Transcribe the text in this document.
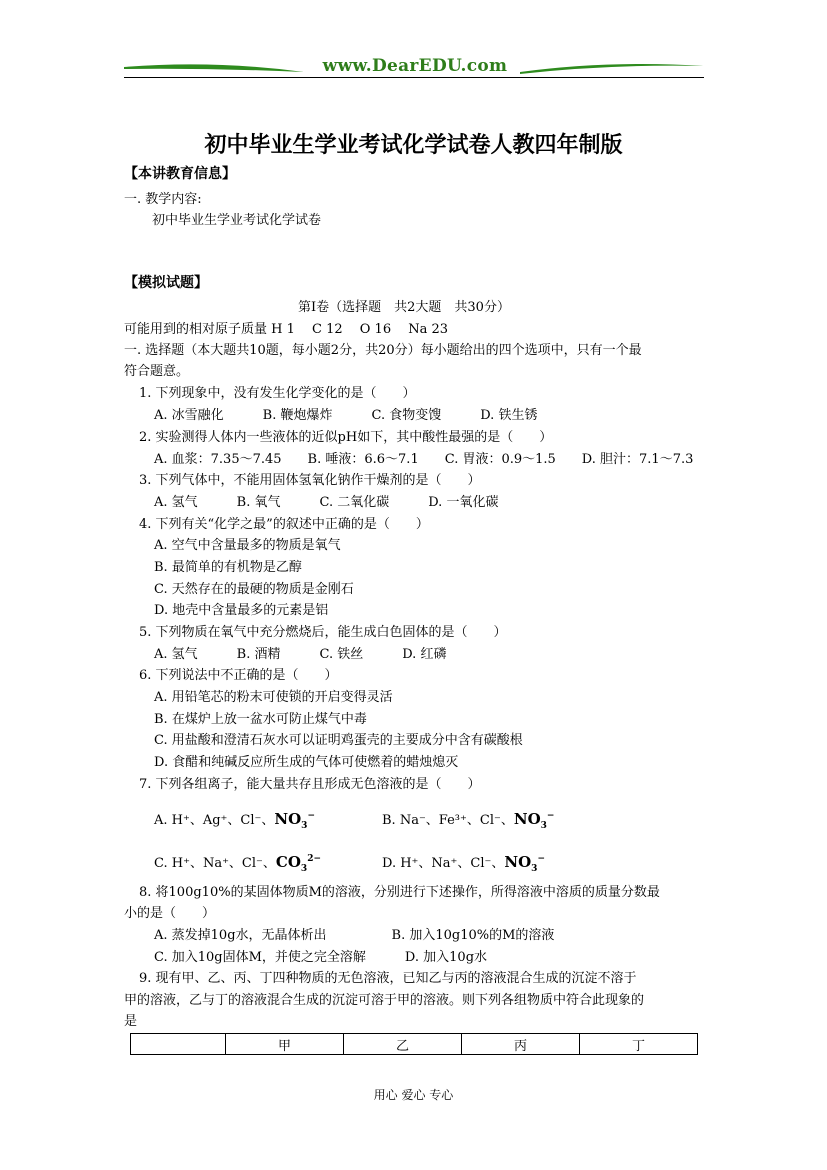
www.DearEDU.com
初中毕业生学业考试化学试卷人教四年制版
【本讲教育信息】
一. 教学内容:
初中毕业生学业考试化学试卷
【模拟试题】
第Ⅰ卷（选择题　共2大题　共30分）
可能用到的相对原子质量 H 1　 C 12　 O 16　 Na 23
一. 选择题（本大题共10题，每小题2分，共20分）每小题给出的四个选项中，只有一个最
符合题意。
1. 下列现象中，没有发生化学变化的是（　　）
A. 冰雪融化　　　B. 鞭炮爆炸　　　C. 食物变馊　　　D. 铁生锈
2. 实验测得人体内一些液体的近似pH如下，其中酸性最强的是（　　）
A. 血浆：7.35～7.45　　B. 唾液：6.6～7.1　　C. 胃液：0.9～1.5　　D. 胆汁：7.1～7.3
3. 下列气体中，不能用固体氢氧化钠作干燥剂的是（　　）
A. 氢气　　　B. 氧气　　　C. 二氧化碳　　　D. 一氧化碳
4. 下列有关“化学之最”的叙述中正确的是（　　）
A. 空气中含量最多的物质是氧气
B. 最简单的有机物是乙醇
C. 天然存在的最硬的物质是金刚石
D. 地壳中含量最多的元素是铝
5. 下列物质在氧气中充分燃烧后，能生成白色固体的是（　　）
A. 氢气　　　B. 酒精　　　C. 铁丝　　　D. 红磷
6. 下列说法中不正确的是（　　）
A. 用铅笔芯的粉末可使锁的开启变得灵活
B. 在煤炉上放一盆水可防止煤气中毒
C. 用盐酸和澄清石灰水可以证明鸡蛋壳的主要成分中含有碳酸根
D. 食醋和纯碱反应所生成的气体可使燃着的蜡烛熄灭
7. 下列各组离子，能大量共存且形成无色溶液的是（　　）
A. H⁺、Ag⁺、Cl⁻、$NO_3^-$	B. Na⁻、Fe³⁺、Cl⁻、$NO_3^-$
C. H⁺、Na⁺、Cl⁻、$CO_3^{2-}$	D. H⁺、Na⁺、Cl⁻、$NO_3^-$
8. 将100g10%的某固体物质M的溶液，分别进行下述操作，所得溶液中溶质的质量分数最
小的是（　　）
A. 蒸发掉10g水，无晶体析出　　　　　B. 加入10g10%的M的溶液
C. 加入10g固体M，并使之完全溶解　　　D. 加入10g水
9. 现有甲、乙、丙、丁四种物质的无色溶液，已知乙与丙的溶液混合生成的沉淀不溶于
甲的溶液，乙与丁的溶液混合生成的沉淀可溶于甲的溶液。则下列各组物质中符合此现象的
是
	甲	乙	丙	丁
用心 爱心 专心
